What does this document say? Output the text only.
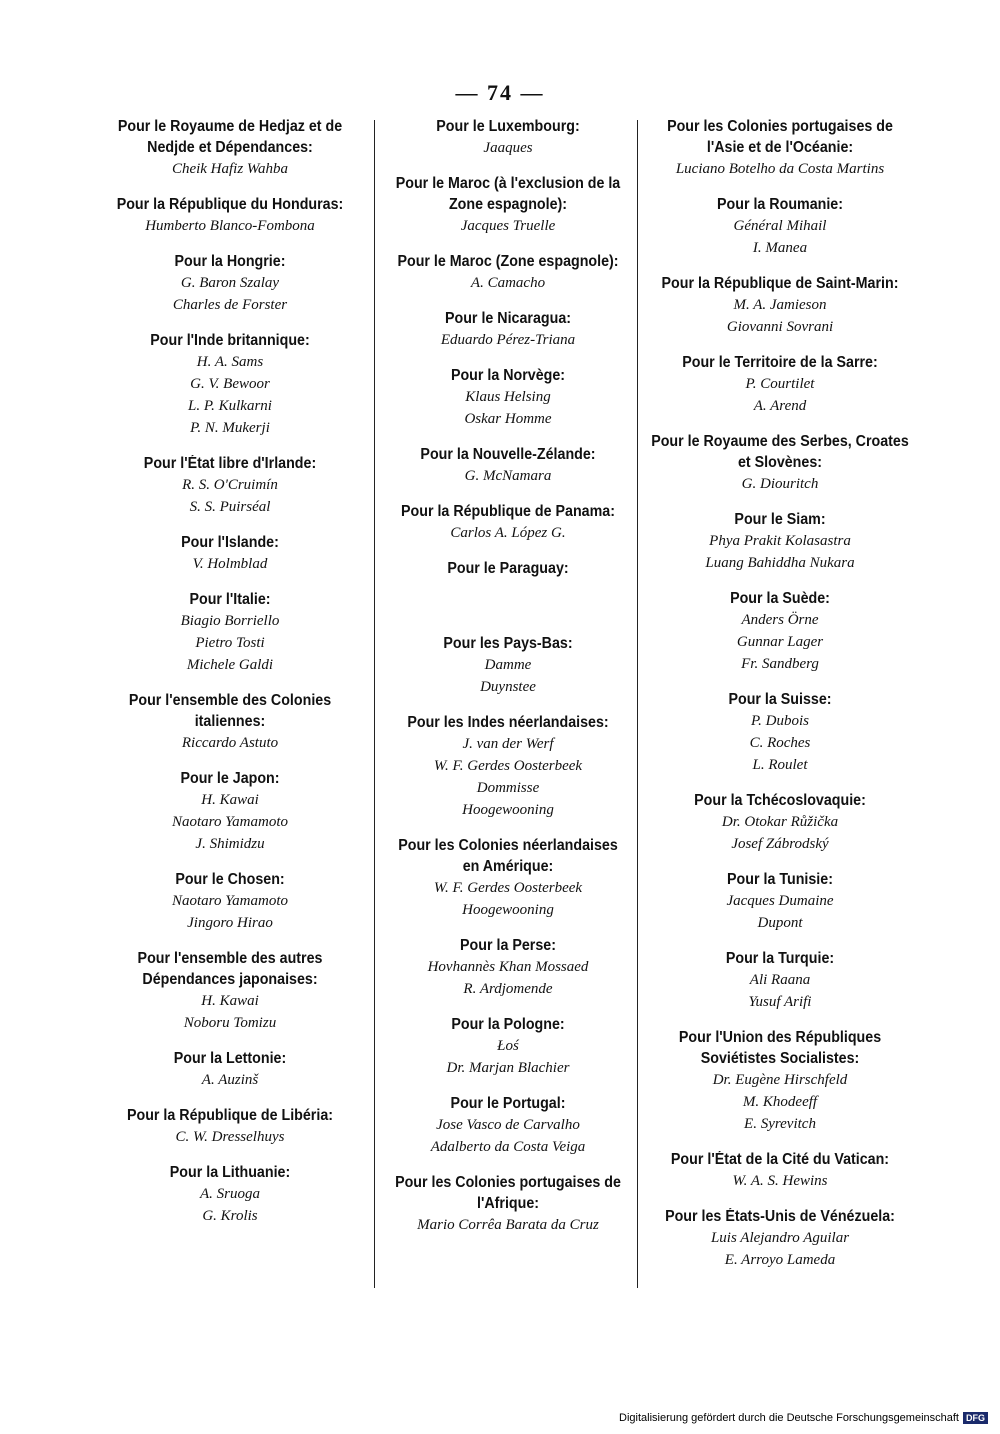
— 74 —
Pour le Royaume de Hedjaz et de Nedjde et Dépendances:
Cheik Hafiz Wahba
Pour la République du Honduras:
Humberto Blanco-Fombona
Pour la Hongrie:
G. Baron Szalay
Charles de Forster
Pour l'Inde britannique:
H. A. Sams
G. V. Bewoor
L. P. Kulkarni
P. N. Mukerji
Pour l'État libre d'Irlande:
R. S. O'Cruimín
S. S. Puirséal
Pour l'Islande:
V. Holmblad
Pour l'Italie:
Biagio Borriello
Pietro Tosti
Michele Galdi
Pour l'ensemble des Colonies italiennes:
Riccardo Astuto
Pour le Japon:
H. Kawai
Naotaro Yamamoto
J. Shimidzu
Pour le Chosen:
Naotaro Yamamoto
Jingoro Hirao
Pour l'ensemble des autres Dépendances japonaises:
H. Kawai
Noboru Tomizu
Pour la Lettonie:
A. Auzinš
Pour la République de Libéria:
C. W. Dresselhuys
Pour la Lithuanie:
A. Sruoga
G. Krolis
Pour le Luxembourg:
Jaaques
Pour le Maroc (à l'exclusion de la Zone espagnole):
Jacques Truelle
Pour le Maroc (Zone espagnole):
A. Camacho
Pour le Nicaragua:
Eduardo Pérez-Triana
Pour la Norvège:
Klaus Helsing
Oskar Homme
Pour la Nouvelle-Zélande:
G. McNamara
Pour la République de Panama:
Carlos A. López G.
Pour le Paraguay:
Pour les Pays-Bas:
Damme
Duynstee
Pour les Indes néerlandaises:
J. van der Werf
W. F. Gerdes Oosterbeek
Dommisse
Hoogewooning
Pour les Colonies néerlandaises en Amérique:
W. F. Gerdes Oosterbeek
Hoogewooning
Pour la Perse:
Hovhannès Khan Mossaed
R. Ardjomende
Pour la Pologne:
Łoś
Dr. Marjan Blachier
Pour le Portugal:
Jose Vasco de Carvalho
Adalberto da Costa Veiga
Pour les Colonies portugaises de l'Afrique:
Mario Corrêa Barata da Cruz
Pour les Colonies portugaises de l'Asie et de l'Océanie:
Luciano Botelho da Costa Martins
Pour la Roumanie:
Général Mihail
I. Manea
Pour la République de Saint-Marin:
M. A. Jamieson
Giovanni Sovrani
Pour le Territoire de la Sarre:
P. Courtilet
A. Arend
Pour le Royaume des Serbes, Croates et Slovènes:
G. Diouritch
Pour le Siam:
Phya Prakit Kolasastra
Luang Bahiddha Nukara
Pour la Suède:
Anders Örne
Gunnar Lager
Fr. Sandberg
Pour la Suisse:
P. Dubois
C. Roches
L. Roulet
Pour la Tchécoslovaquie:
Dr. Otokar Růžička
Josef Zábrodský
Pour la Tunisie:
Jacques Dumaine
Dupont
Pour la Turquie:
Ali Raana
Yusuf Arifi
Pour l'Union des Républiques Soviétistes Socialistes:
Dr. Eugène Hirschfeld
M. Khodeeff
E. Syrevitch
Pour l'État de la Cité du Vatican:
W. A. S. Hewins
Pour les États-Unis de Vénézuela:
Luis Alejandro Aguilar
E. Arroyo Lameda
Digitalisierung gefördert durch die Deutsche Forschungsgemeinschaft DFG
